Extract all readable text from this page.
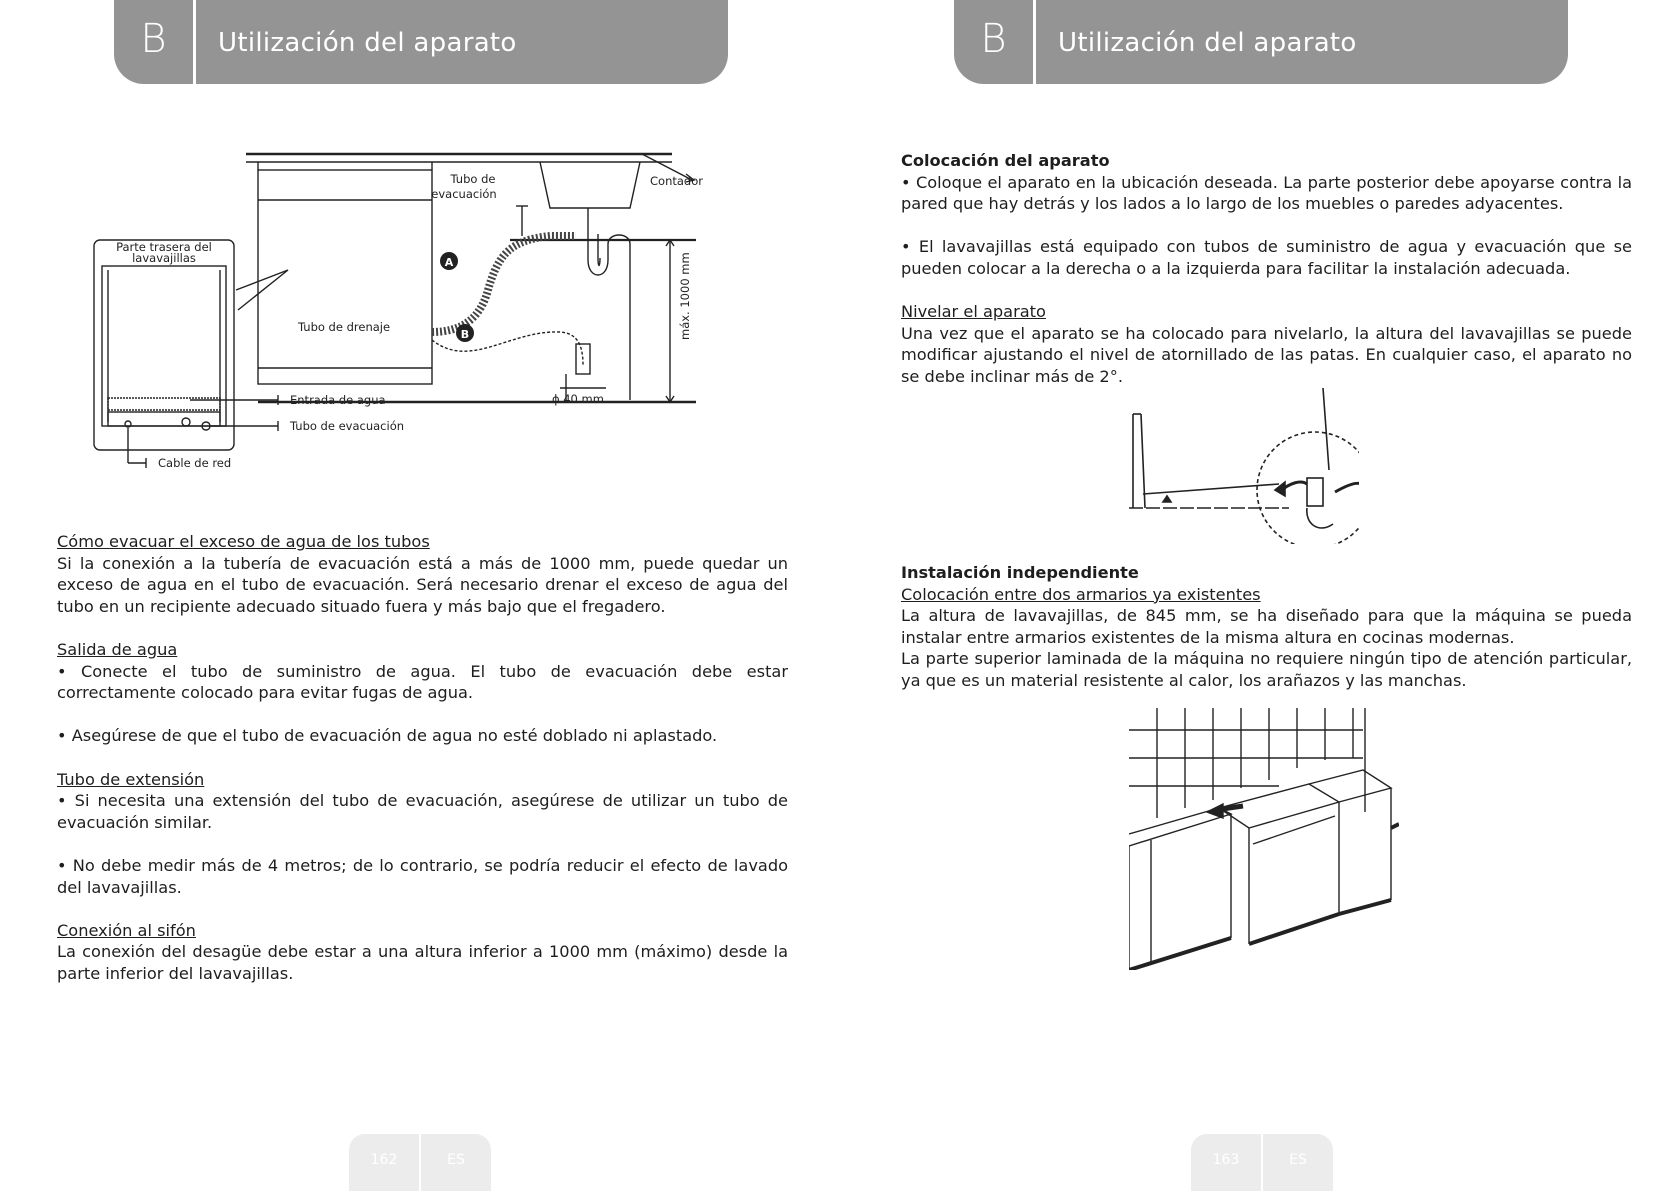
B	Utilización del aparato
A
B
Tubo de
evacuación
Contador
Parte trasera del
lavavajillas
Tubo de drenaje	máx. 1000 mm
Entrada de agua
Tubo de evacuación
ϕ 40 mm
Cable de red

Cómo evacuar el exceso de agua de los tubos

Si la conexión a la tubería de evacuación está a más de 1000 mm, puede quedar un exceso de agua en el tubo de evacuación. Será necesario drenar el exceso de agua del tubo en un recipiente adecuado situado fuera y más bajo que el fregadero.

Salida de agua

• Conecte el tubo de suministro de agua. El tubo de evacuación debe estar correctamente colocado para evitar fugas de agua.

• Asegúrese de que el tubo de evacuación de agua no esté doblado ni aplastado.

Tubo de extensión

• Si necesita una extensión del tubo de evacuación, asegúrese de utilizar un tubo de evacuación similar.

• No debe medir más de 4 metros; de lo contrario, se podría reducir el efecto de lavado del lavavajillas.

Conexión al sifón

La conexión del desagüe debe estar a una altura inferior a 1000 mm (máximo) desde la parte inferior del lavavajillas.

162	ES
B	Utilización del aparato

Colocación del aparato

• Coloque el aparato en la ubicación deseada. La parte posterior debe apoyarse contra la pared que hay detrás y los lados a lo largo de los muebles o paredes adyacentes.

• El lavavajillas está equipado con tubos de suministro de agua y evacuación que se pueden colocar a la derecha o a la izquierda para facilitar la instalación adecuada.

Nivelar el aparato

Una vez que el aparato se ha colocado para nivelarlo, la altura del lavavajillas se puede modificar ajustando el nivel de atornillado de las patas. En cualquier caso, el aparato no se debe inclinar más de 2°.

Instalación independiente

Colocación entre dos armarios ya existentes

La altura de lavavajillas, de 845 mm, se ha diseñado para que la máquina se pueda instalar entre armarios existentes de la misma altura en cocinas modernas.

La parte superior laminada de la máquina no requiere ningún tipo de atención particular, ya que es un material resistente al calor, los arañazos y las manchas.

163	ES
